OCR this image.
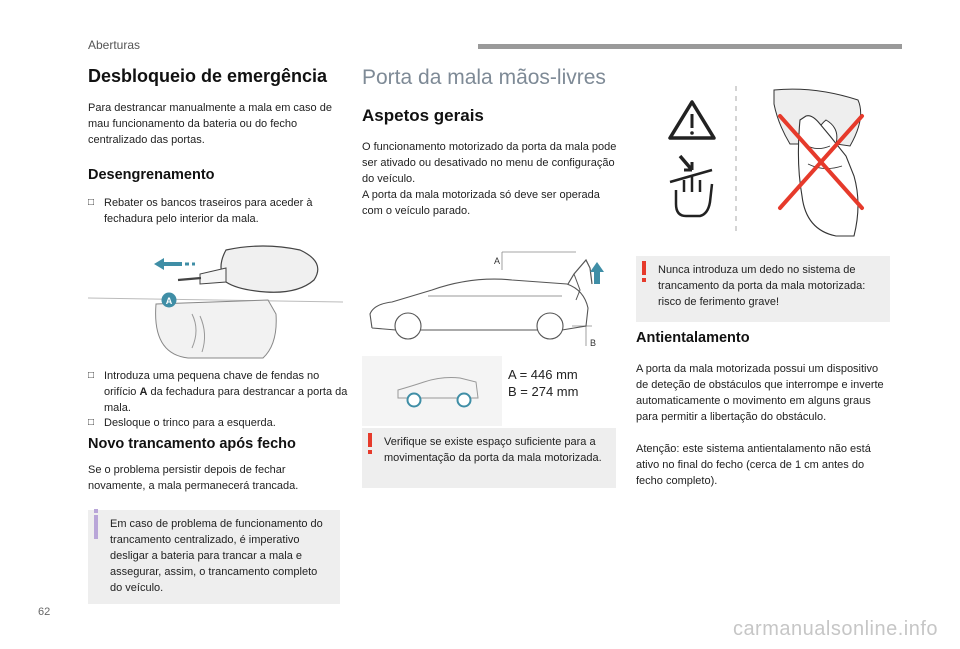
Aberturas
Desbloqueio de emergência

Para destrancar manualmente a mala em caso de mau funcionamento da bateria ou do fecho centralizado das portas.

Desengrenamento
□ Rebater os bancos traseiros para aceder à fechadura pelo interior da mala.
A
□ Introduza uma pequena chave de fendas no orifício A da fechadura para destrancar a porta da mala.
□ Desloque o trinco para a esquerda.
Novo trancamento após fecho

Se o problema persistir depois de fechar novamente, a mala permanecerá trancada.

Em caso de problema de funcionamento do trancamento centralizado, é imperativo desligar a bateria para trancar a mala e assegurar, assim, o trancamento completo do veículo.
Porta da mala mãos-livres
Aspetos gerais

O funcionamento motorizado da porta da mala pode ser ativado ou desativado no menu de configuração do veículo.

A porta da mala motorizada só deve ser operada com o veículo parado.

A
B
A = 446 mm
B = 274 mm
Verifique se existe espaço suficiente para a movimentação da porta da mala motorizada.
Nunca introduza um dedo no sistema de trancamento da porta da mala motorizada: risco de ferimento grave!
Antientalamento

A porta da mala motorizada possui um dispositivo de deteção de obstáculos que interrompe e inverte automaticamente o movimento em alguns graus para permitir a libertação do obstáculo.

Atenção: este sistema antientalamento não está ativo no final do fecho (cerca de 1 cm antes do fecho completo).

62
carmanualsonline.info
